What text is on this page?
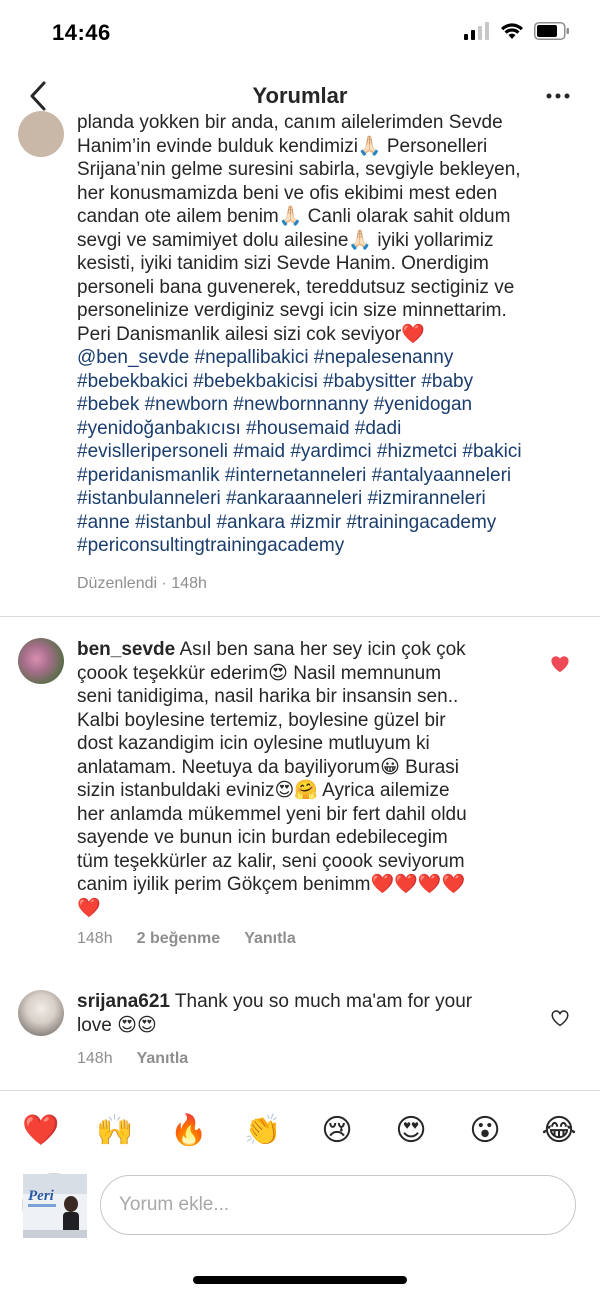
14:46
Yorumlar
planda yokken bir anda, canım ailelerimden Sevde
Hanim’in evinde bulduk kendimizi🙏🏻 Personelleri
Srijana’nin gelme suresini sabirla, sevgiyle bekleyen,
her konusmamizda beni ve ofis ekibimi mest eden
candan ote ailem benim🙏🏻 Canli olarak sahit oldum
sevgi ve samimiyet dolu ailesine🙏🏻 iyiki yollarimiz
kesisti, iyiki tanidim sizi Sevde Hanim. Onerdigim
personeli bana guvenerek, tereddutsuz sectiginiz ve
personelinize verdiginiz sevgi icin size minnettarim.
Peri Danismanlik ailesi sizi cok seviyor❤️
@ben_sevde #nepallibakici #nepalesenanny
#bebekbakici #bebekbakicisi #babysitter #baby
#bebek #newborn #newbornnanny #yenidogan
#yenidoğanbakıcısı #housemaid #dadi
#evislleripersoneli #maid #yardimci #hizmetci #bakici
#peridanismanlik #internetanneleri #antalyaanneleri
#istanbulanneleri #ankaraanneleri #izmiranneleri
#anne #istanbul #ankara #izmir #trainingacademy
#periconsultingtrainingacademy
Düzenlendi · 148h
ben_sevde Asıl ben sana her sey icin çok çok
çoook teşekkür ederim😍 Nasil memnunum
seni tanidigima, nasil harika bir insansin sen..
Kalbi boylesine tertemiz, boylesine güzel bir
dost kazandigim icin oylesine mutluyum ki
anlatamam. Neetuya da bayiliyorum😀 Burasi
sizin istanbuldaki eviniz😍🤗 Ayrica ailemize
her anlamda mükemmel yeni bir fert dahil oldu
sayende ve bunun icin burdan edebilecegim
tüm teşekkürler az kalir, seni çoook seviyorum
canim iyilik perim Gökçem benimm❤️❤️❤️❤️
❤️
148h 2 beğenme Yanıtla
srijana621 Thank you so much ma'am for your
love 😍😍
148h Yanıtla
❤️ 🙌 🔥 👏	😢	😍	😮	😂
Peri
Yorum ekle...
